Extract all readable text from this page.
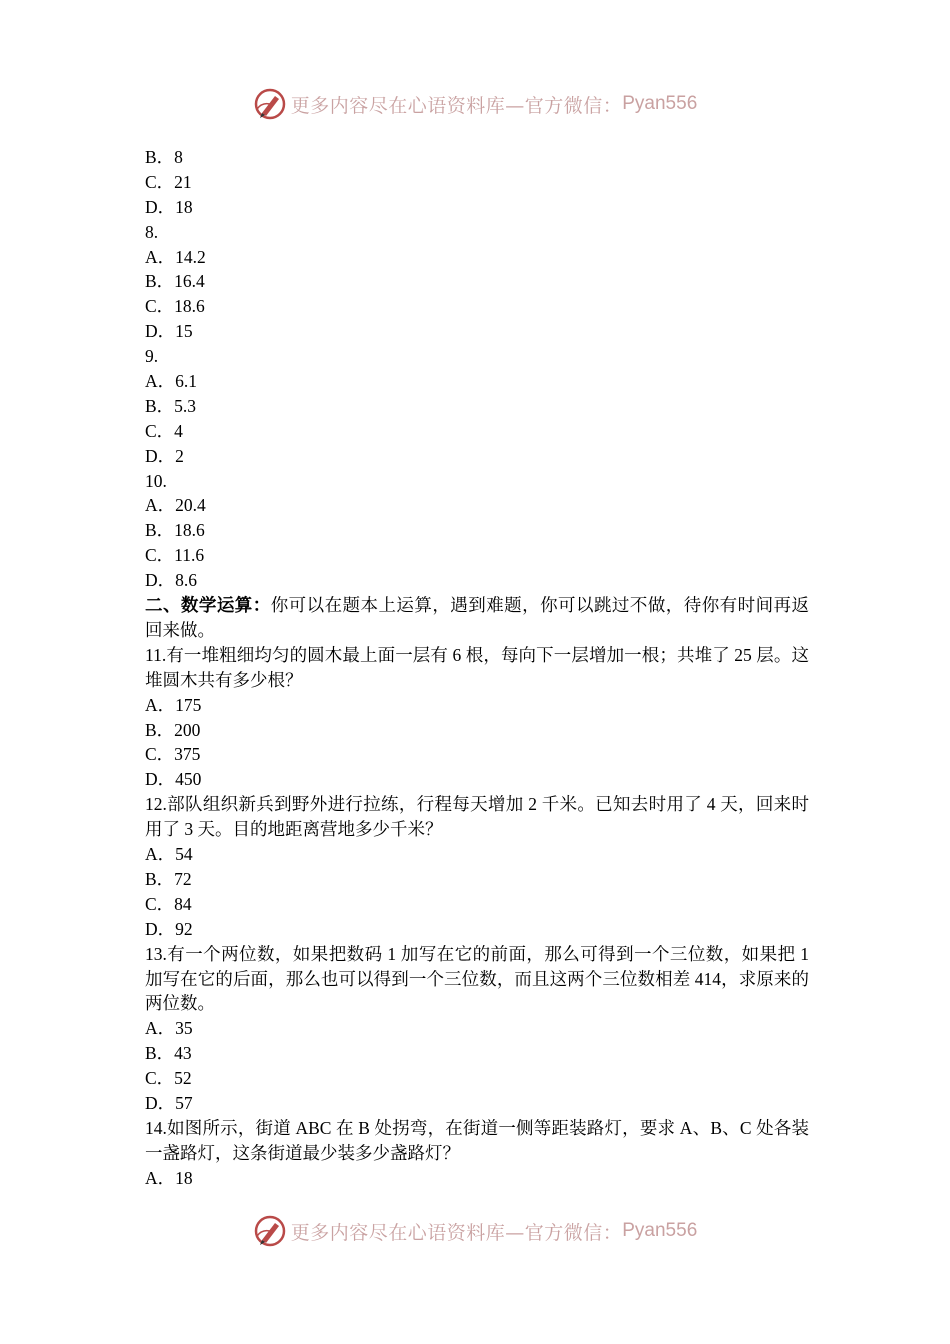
更多内容尽在心语资料库—官方微信： Pyan556
B．8
C．21
D．18
8.
A．14.2
B．16.4
C．18.6
D．15
9.
A．6.1
B．5.3
C．4
D．2
10.
A．20.4
B．18.6
C．11.6
D．8.6
二、数学运算：你可以在题本上运算，遇到难题，你可以跳过不做，待你有时间再返回来做。
11.有一堆粗细均匀的圆木最上面一层有 6 根，每向下一层增加一根；共堆了 25 层。这堆圆木共有多少根？
A．175
B．200
C．375
D．450
12.部队组织新兵到野外进行拉练，行程每天增加 2 千米。已知去时用了 4 天，回来时用了 3 天。目的地距离营地多少千米？
A．54
B．72
C．84
D．92
13.有一个两位数，如果把数码 1 加写在它的前面，那么可得到一个三位数，如果把 1 加写在它的后面，那么也可以得到一个三位数，而且这两个三位数相差 414，求原来的两位数。
A．35
B．43
C．52
D．57
14.如图所示，街道 ABC 在 B 处拐弯，在街道一侧等距装路灯，要求 A、B、C 处各装一盏路灯，这条街道最少装多少盏路灯？
A．18
更多内容尽在心语资料库—官方微信： Pyan556
